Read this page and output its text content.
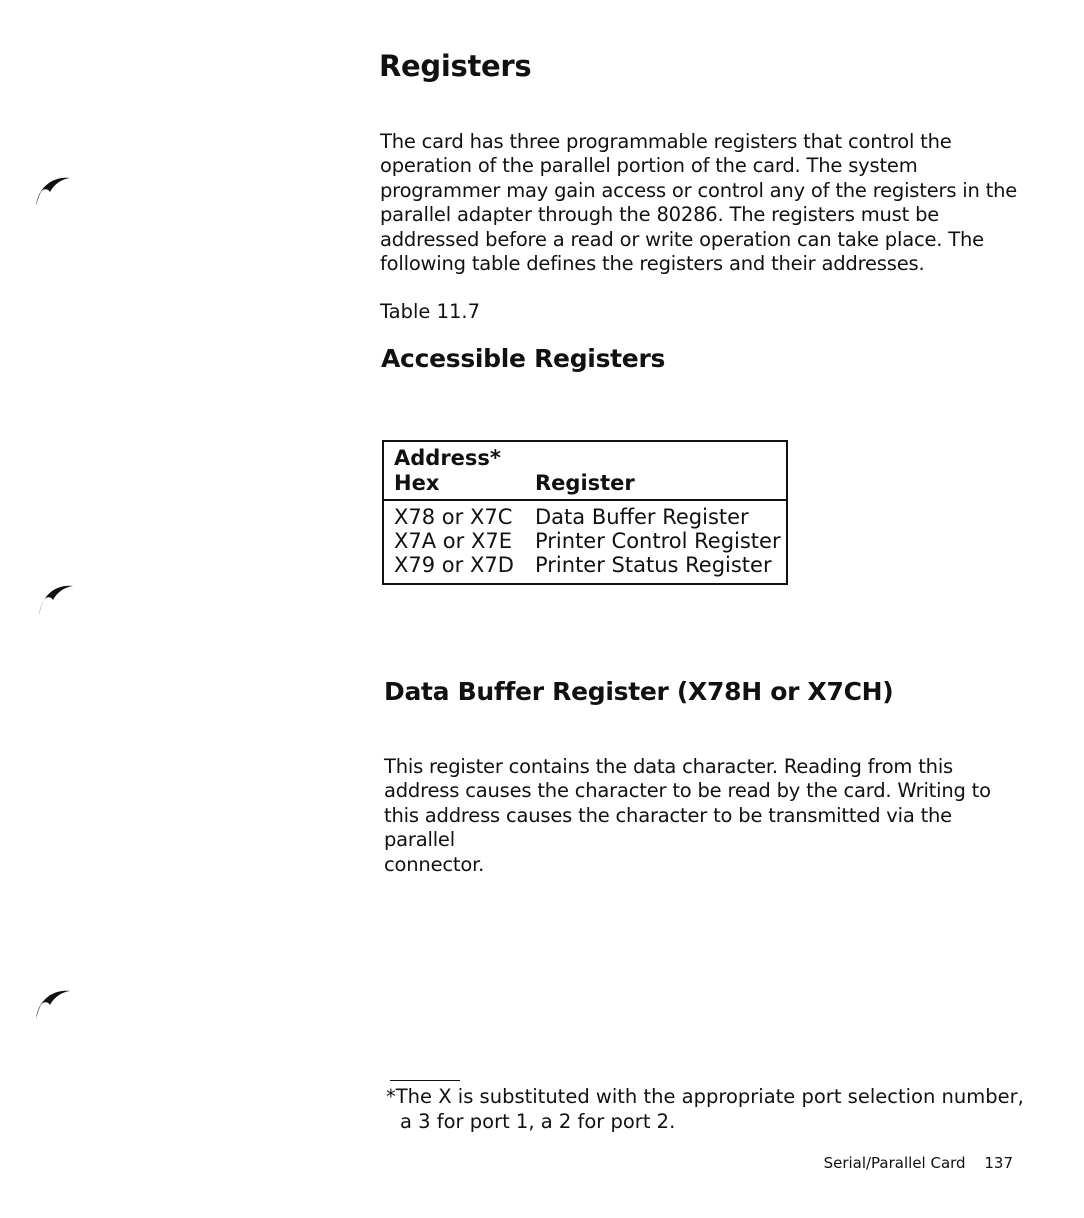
Registers
The card has three programmable registers that control the
operation of the parallel portion of the card. The system
programmer may gain access or control any of the registers in the
parallel adapter through the 80286. The registers must be
addressed before a read or write operation can take place. The
following table defines the registers and their addresses.
Table 11.7
Accessible Registers
Address*
Hex	Register
X78 or X7C Data Buffer Register
X7A or X7E Printer Control Register
X79 or X7D Printer Status Register
Data Buffer Register (X78H or X7CH)
This register contains the data character. Reading from this
address causes the character to be read by the card. Writing to
this address causes the character to be transmitted via the parallel
connector.
*The X is substituted with the appropriate port selection number,
a 3 for port 1, a 2 for port 2.
Serial/Parallel Card 137
